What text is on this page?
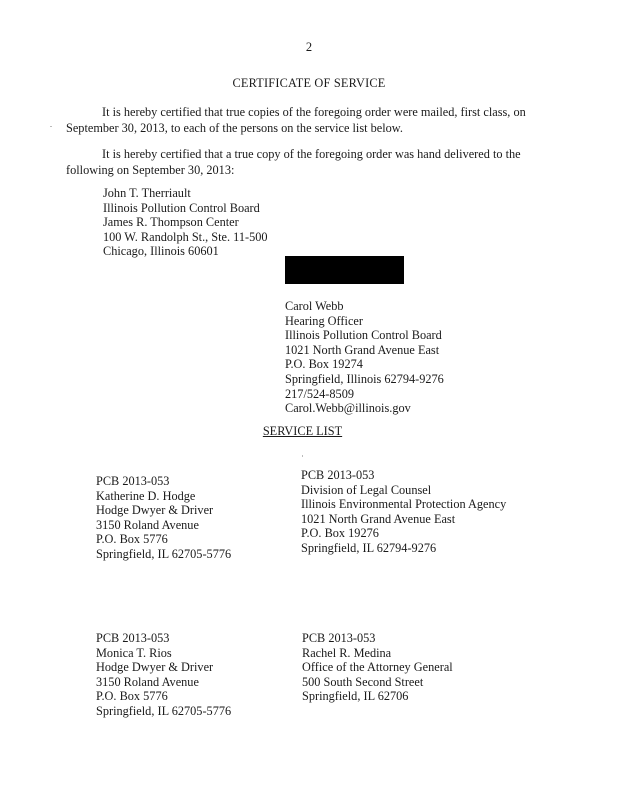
2
CERTIFICATE OF SERVICE
It is hereby certified that true copies of the foregoing order were mailed, first class, on September 30, 2013, to each of the persons on the service list below.
It is hereby certified that a true copy of the foregoing order was hand delivered to the following on September 30, 2013:
John T. Therriault
Illinois Pollution Control Board
James R. Thompson Center
100 W. Randolph St., Ste. 11-500
Chicago, Illinois 60601
Carol Webb
Hearing Officer
Illinois Pollution Control Board
1021 North Grand Avenue East
P.O. Box 19274
Springfield, Illinois 62794-9276
217/524-8509
Carol.Webb@illinois.gov
SERVICE LIST
PCB 2013-053
Katherine D. Hodge
Hodge Dwyer & Driver
3150 Roland Avenue
P.O. Box 5776
Springfield, IL 62705-5776
PCB 2013-053
Division of Legal Counsel
Illinois Environmental Protection Agency
1021 North Grand Avenue East
P.O. Box 19276
Springfield, IL 62794-9276
PCB 2013-053
Monica T. Rios
Hodge Dwyer & Driver
3150 Roland Avenue
P.O. Box 5776
Springfield, IL 62705-5776
PCB 2013-053
Rachel R. Medina
Office of the Attorney General
500 South Second Street
Springfield, IL 62706
